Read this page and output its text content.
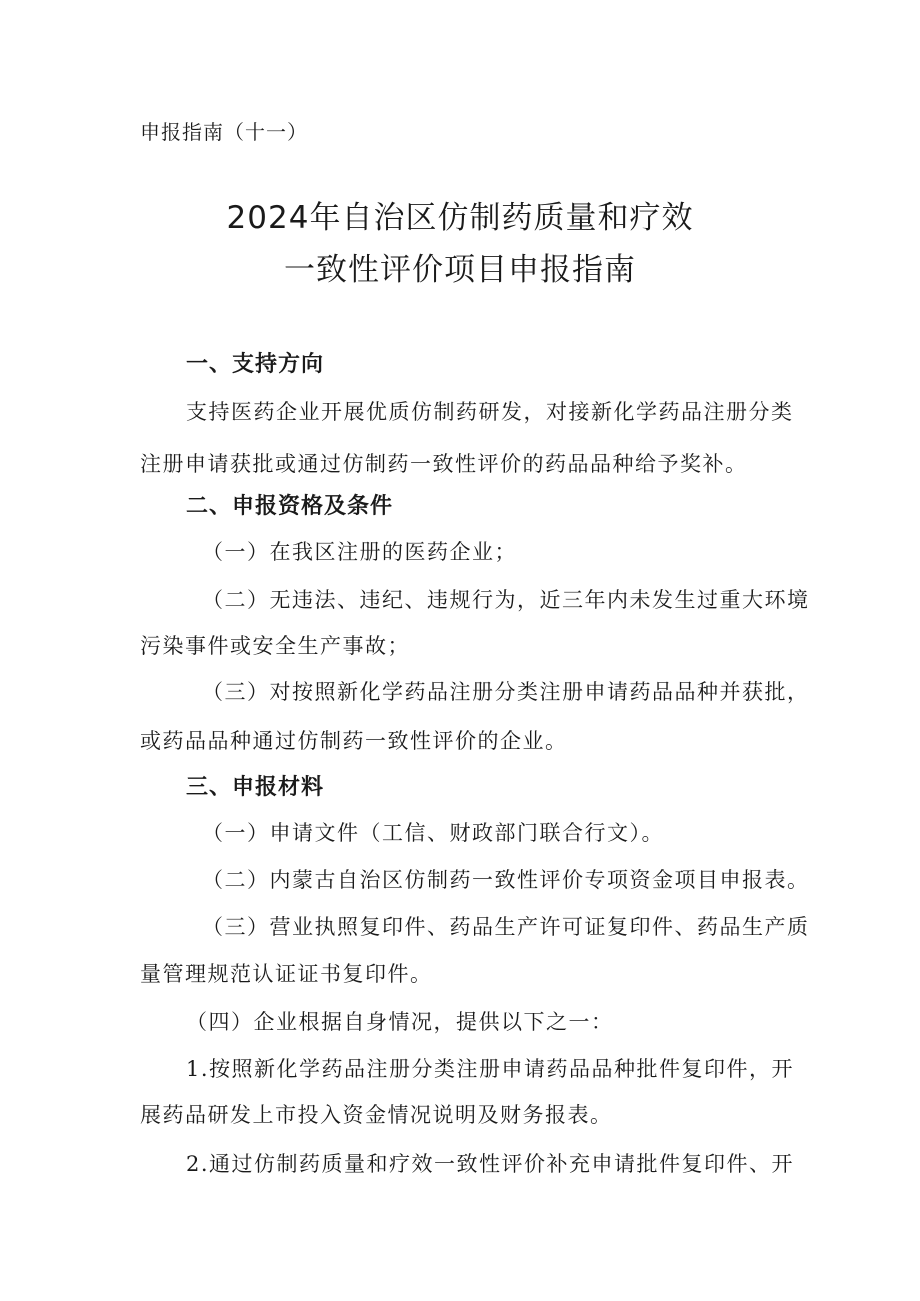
申报指南（十一）
2024年自治区仿制药质量和疗效
一致性评价项目申报指南
一、支持方向
支持医药企业开展优质仿制药研发，对接新化学药品注册分类
注册申请获批或通过仿制药一致性评价的药品品种给予奖补。
二、申报资格及条件
（一）在我区注册的医药企业；
（二）无违法、违纪、违规行为，近三年内未发生过重大环境
污染事件或安全生产事故；
（三）对按照新化学药品注册分类注册申请药品品种并获批，
或药品品种通过仿制药一致性评价的企业。
三、申报材料
（一）申请文件（工信、财政部门联合行文）。
（二）内蒙古自治区仿制药一致性评价专项资金项目申报表。
（三）营业执照复印件、药品生产许可证复印件、药品生产质
量管理规范认证证书复印件。
（四）企业根据自身情况，提供以下之一：
1.按照新化学药品注册分类注册申请药品品种批件复印件，开
展药品研发上市投入资金情况说明及财务报表。
2.通过仿制药质量和疗效一致性评价补充申请批件复印件、开
